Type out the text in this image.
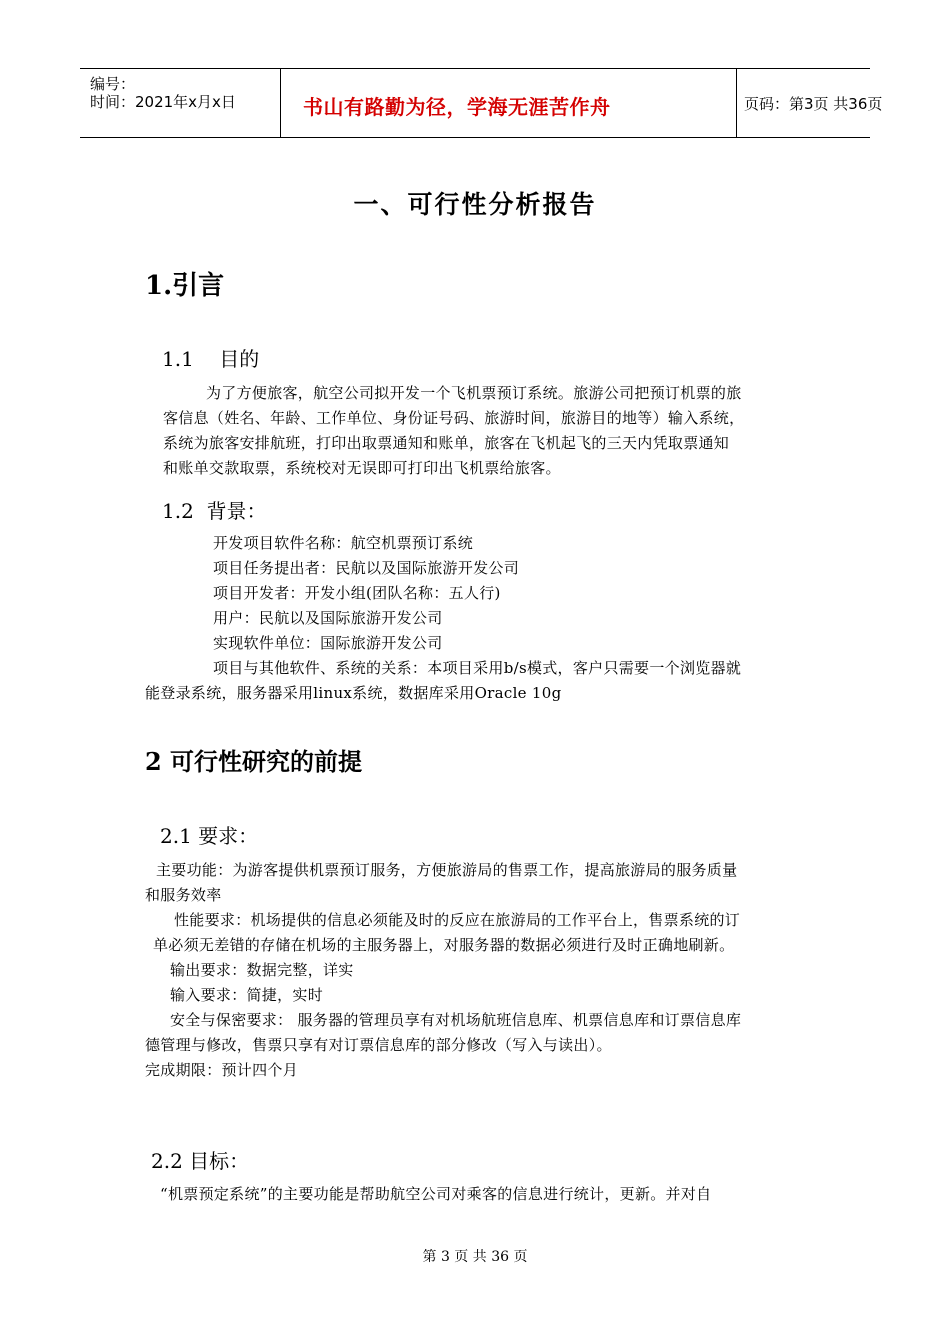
编号：
时间：2021年x月x日	书山有路勤为径，学海无涯苦作舟	页码：第3页 共36页
一、可行性分析报告
1.引言
1.1    目的
为了方便旅客，航空公司拟开发一个飞机票预订系统。旅游公司把预订机票的旅
客信息（姓名、年龄、工作单位、身份证号码、旅游时间，旅游目的地等）输入系统，
系统为旅客安排航班，打印出取票通知和账单，旅客在飞机起飞的三天内凭取票通知
和账单交款取票，系统校对无误即可打印出飞机票给旅客。
1.2  背景：
开发项目软件名称：航空机票预订系统
项目任务提出者：民航以及国际旅游开发公司
项目开发者：开发小组(团队名称：五人行)
用户：民航以及国际旅游开发公司
实现软件单位：国际旅游开发公司
项目与其他软件、系统的关系：本项目采用b/s模式，客户只需要一个浏览器就
能登录系统，服务器采用linux系统，数据库采用Oracle 10g
2 可行性研究的前提
2.1 要求：
主要功能：为游客提供机票预订服务，方便旅游局的售票工作，提高旅游局的服务质量
和服务效率
性能要求：机场提供的信息必须能及时的反应在旅游局的工作平台上，售票系统的订
单必须无差错的存储在机场的主服务器上，对服务器的数据必须进行及时正确地刷新。
输出要求：数据完整，详实
输入要求：简捷，实时
安全与保密要求： 服务器的管理员享有对机场航班信息库、机票信息库和订票信息库
德管理与修改，售票只享有对订票信息库的部分修改（写入与读出）。
完成期限：预计四个月
2.2 目标：
“机票预定系统”的主要功能是帮助航空公司对乘客的信息进行统计，更新。并对自
第 3 页 共 36 页
